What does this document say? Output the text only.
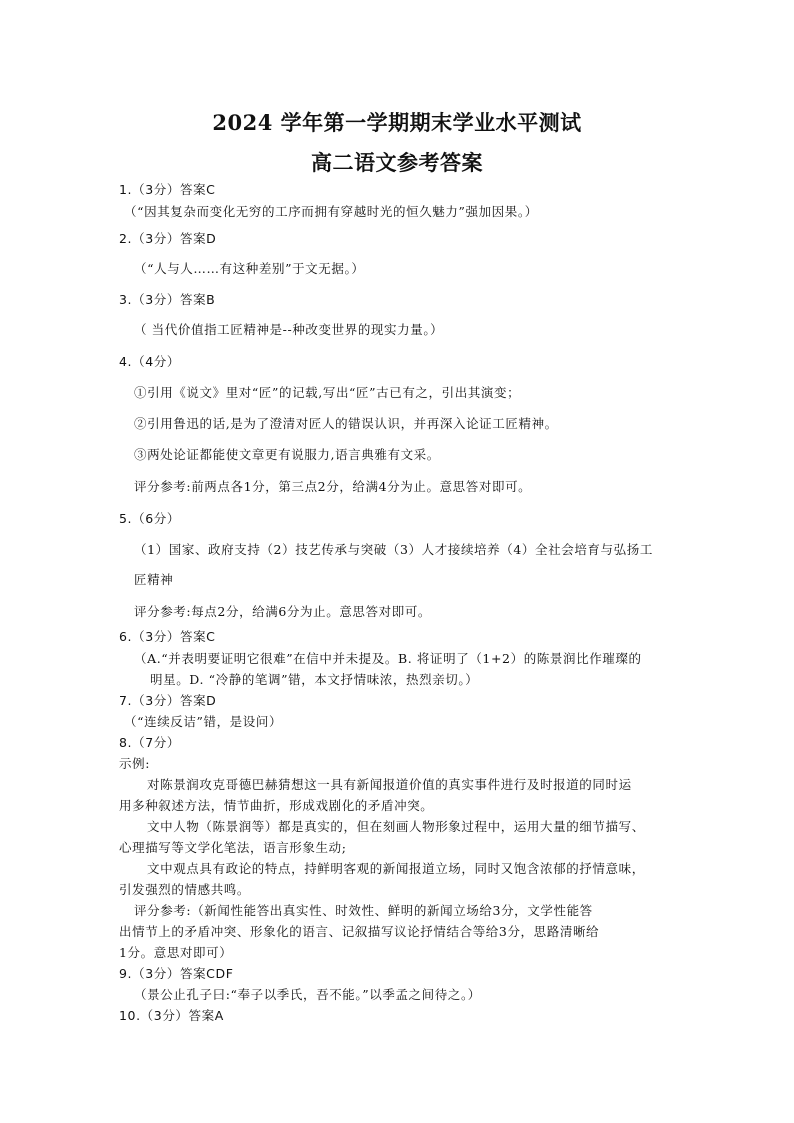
2024 学年第一学期期末学业水平测试
高二语文参考答案
1.（3分）答案C
（“因其复杂而变化无穷的工序而拥有穿越时光的恒久魅力”强加因果。）
2.（3分）答案D
（“人与人……有这种差别”于文无据。）
3.（3分）答案B
（ 当代价值指工匠精神是--种改变世界的现实力量。）
4.（4分）
①引用《说文》里对“匠”的记载,写出“匠”古已有之，引出其演变；
②引用鲁迅的话,是为了澄清对匠人的错误认识，并再深入论证工匠精神。
③两处论证都能使文章更有说服力,语言典雅有文采。
评分参考:前两点各1分，第三点2分，给满4分为止。意思答对即可。
5.（6分）
（1）国家、政府支持（2）技艺传承与突破（3）人才接续培养（4）全社会培育与弘扬工
匠精神
评分参考:每点2分，给满6分为止。意思答对即可。
6.（3分）答案C
（A.“并表明要证明它很难”在信中并未提及。B. 将证明了（1+2）的陈景润比作璀璨的
明星。D. “冷静的笔调”错，本文抒情味浓，热烈亲切。）
7.（3分）答案D
（“连续反诘”错，是设问）
8.（7分）
示例:
对陈景润攻克哥德巴赫猜想这一具有新闻报道价值的真实事件进行及时报道的同时运
用多种叙述方法，情节曲折，形成戏剧化的矛盾冲突。
文中人物（陈景润等）都是真实的，但在刻画人物形象过程中，运用大量的细节描写、
心理描写等文学化笔法，语言形象生动;
文中观点具有政论的特点，持鲜明客观的新闻报道立场，同时又饱含浓郁的抒情意味，
引发强烈的情感共鸣。
评分参考:（新闻性能答出真实性、时效性、鲜明的新闻立场给3分，文学性能答
出情节上的矛盾冲突、形象化的语言、记叙描写议论抒情结合等给3分，思路清晰给
1分。意思对即可）
9.（3分）答案CDF
（景公止孔子曰:“奉子以季氏，吾不能。”以季孟之间待之。）
10.（3分）答案A
